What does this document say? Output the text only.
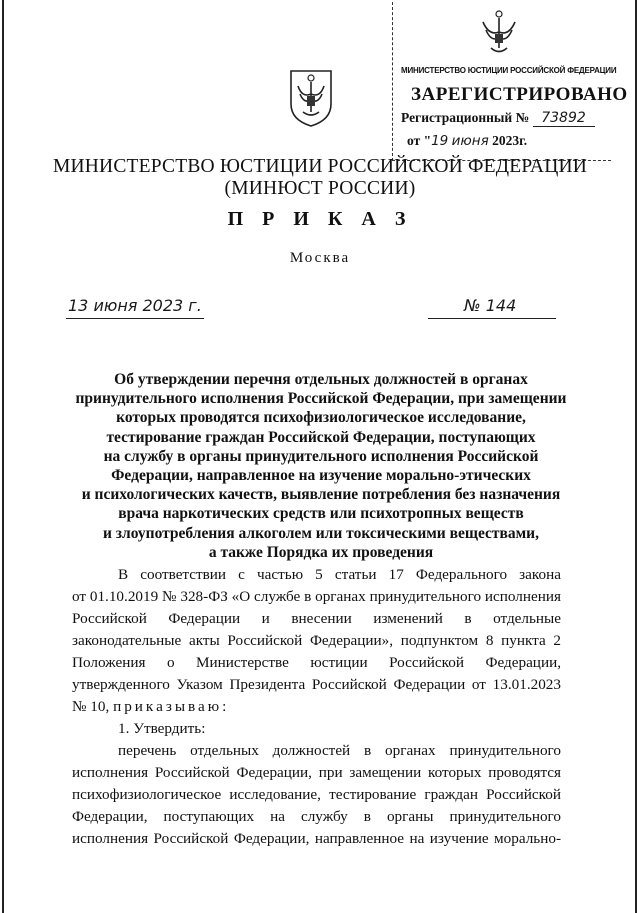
МИНИСТЕРСТВО ЮСТИЦИИ РОССИЙСКОЙ ФЕДЕРАЦИИ
ЗАРЕГИСТРИРОВАНО
Регистрационный № 73892
от "19 июня 2023г.
МИНИСТЕРСТВО ЮСТИЦИИ РОССИЙСКОЙ ФЕДЕРАЦИИ
(МИНЮСТ РОССИИ)
П Р И К А З
Москва
13 июня 2023 г.	№ 144
Об утверждении перечня отдельных должностей в органах
принудительного исполнения Российской Федерации, при замещении
которых проводятся психофизиологическое исследование,
тестирование граждан Российской Федерации, поступающих
на службу в органы принудительного исполнения Российской
Федерации, направленное на изучение морально-этических
и психологических качеств, выявление потребления без назначения
врача наркотических средств или психотропных веществ
и злоупотребления алкоголем или токсическими веществами,
а также Порядка их проведения
В соответствии с частью 5 статьи 17 Федерального закона
от 01.10.2019 № 328-ФЗ «О службе в органах принудительного исполнения
Российской Федерации и внесении изменений в отдельные
законодательные акты Российской Федерации», подпунктом 8 пункта 2
Положения о Министерстве юстиции Российской Федерации,
утвержденного Указом Президента Российской Федерации от 13.01.2023
№ 10, приказываю:
1. Утвердить:
перечень отдельных должностей в органах принудительного
исполнения Российской Федерации, при замещении которых проводятся
психофизиологическое исследование, тестирование граждан Российской
Федерации, поступающих на службу в органы принудительного
исполнения Российской Федерации, направленное на изучение морально-
